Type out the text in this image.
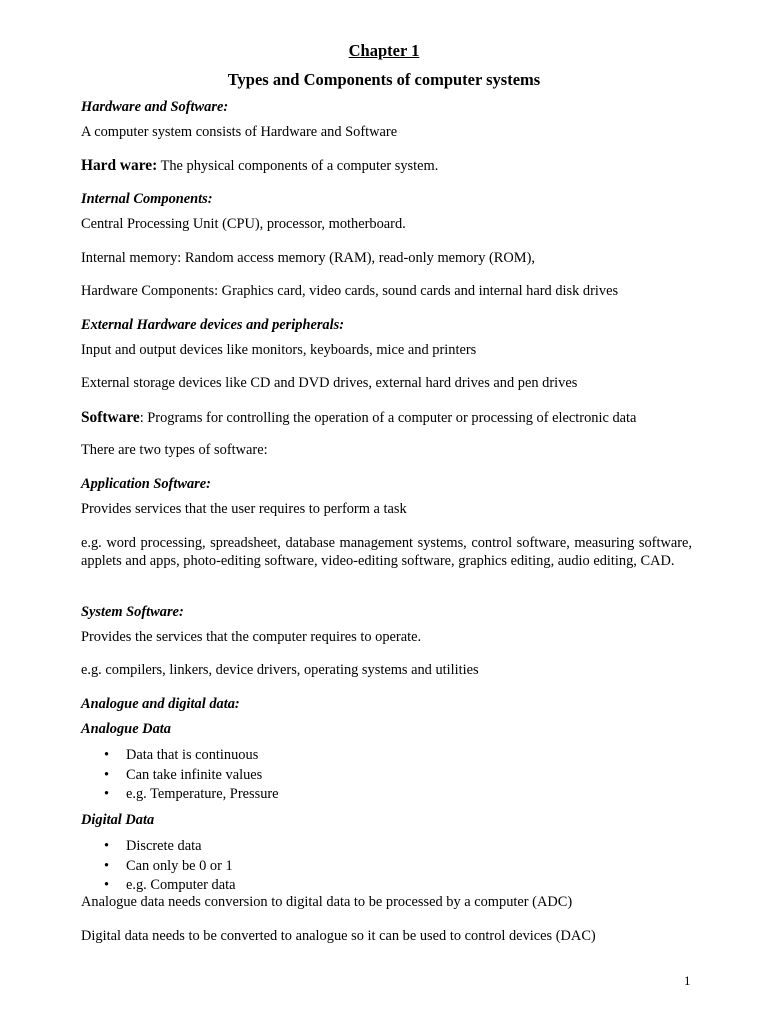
Chapter 1
Types and Components of computer systems
Hardware and Software:
A computer system consists of Hardware and Software
Hard ware: The physical components of a computer system.
Internal Components:
Central Processing Unit (CPU), processor, motherboard.
Internal memory: Random access memory (RAM), read-only memory (ROM),
Hardware Components: Graphics card, video cards, sound cards and internal hard disk drives
External Hardware devices and peripherals:
Input and output devices like monitors, keyboards, mice and printers
External storage devices like CD and DVD drives, external hard drives and pen drives
Software: Programs for controlling the operation of a computer or processing of electronic data
There are two types of software:
Application Software:
Provides services that the user requires to perform a task
e.g. word processing, spreadsheet, database management systems, control software, measuring software, applets and apps, photo-editing software, video-editing software, graphics editing, audio editing, CAD.
System Software:
Provides the services that the computer requires to operate.
e.g. compilers, linkers, device drivers, operating systems and utilities
Analogue and digital data:
Analogue Data
• Data that is continuous
• Can take infinite values
• e.g. Temperature, Pressure
Digital Data
• Discrete data
• Can only be 0 or 1
• e.g. Computer data
Analogue data needs conversion to digital data to be processed by a computer (ADC)
Digital data needs to be converted to analogue so it can be used to control devices (DAC)
1
